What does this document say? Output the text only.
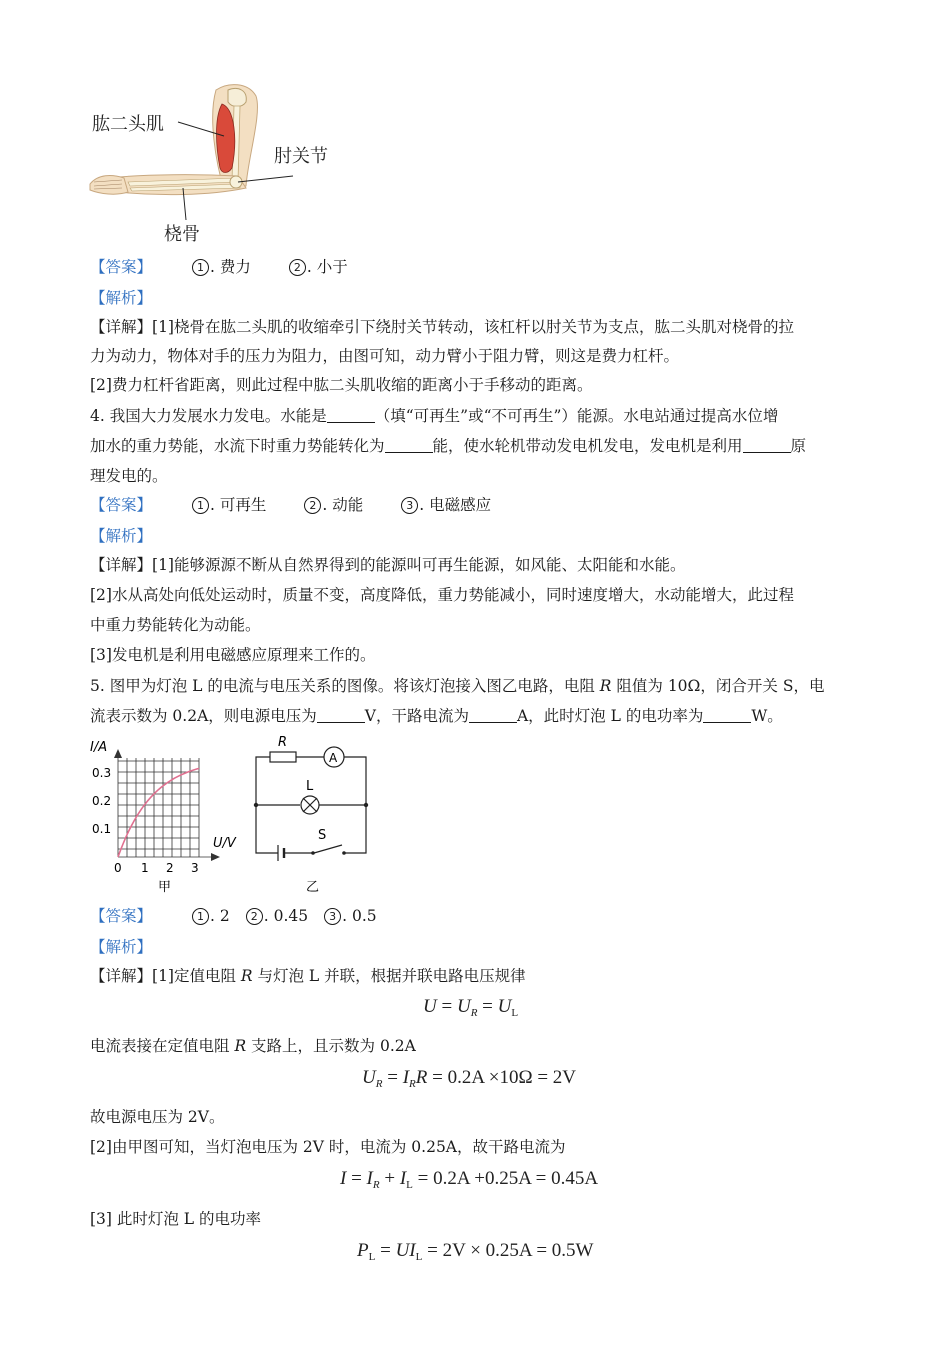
肱二头肌
肘关节
桡骨
【答案】	1 . 费力	2 . 小于
【解析】
【详解】[1]桡骨在肱二头肌的收缩牵引下绕肘关节转动，该杠杆以肘关节为支点，肱二头肌对桡骨的拉
力为动力，物体对手的压力为阻力，由图可知，动力臂小于阻力臂，则这是费力杠杆。
[2]费力杠杆省距离，则此过程中肱二头肌收缩的距离小于手移动的距离。
4. 我国大力发展水力发电。水能是	（填“可再生”或“不可再生”）能源。水电站通过提高水位增
加水的重力势能，水流下时重力势能转化为	能，使水轮机带动发电机发电，发电机是利用	原
理发电的。
【答案】	1 . 可再生	2 . 动能	3 . 电磁感应
【解析】
【详解】[1]能够源源不断从自然界得到的能源叫可再生能源，如风能、太阳能和水能。
[2]水从高处向低处运动时，质量不变，高度降低，重力势能减小，同时速度增大，水动能增大，此过程
中重力势能转化为动能。
[3]发电机是利用电磁感应原理来工作的。
5. 图甲为灯泡 L 的电流与电压关系的图像。将该灯泡接入图乙电路，电阻 R 阻值为 10Ω，闭合开关 S，电
流表示数为 0.2A，则电源电压为	V，干路电流为	A，此时灯泡 L 的电功率为	W。
I/A
U/V
0.3
0.2
0.1
0 1 2 3
甲
R
A
L
S
乙
【答案】	1 . 2 2 . 0.45 3 . 0.5
【解析】
【详解】[1]定值电阻 R 与灯泡 L 并联，根据并联电路电压规律
$U = U_R = U_L$
电流表接在定值电阻 R 支路上，且示数为 0.2A
$U_R = I_RR = 0.2A \times 10\Omega = 2V$
故电源电压为 2V。
[2]由甲图可知，当灯泡电压为 2V 时，电流为 0.25A，故干路电流为
$I = I_R + I_L = 0.2A +0.25A = 0.45A$
[3] 此时灯泡 L 的电功率
$P_L = UI_L = 2V \times 0.25A = 0.5W$
